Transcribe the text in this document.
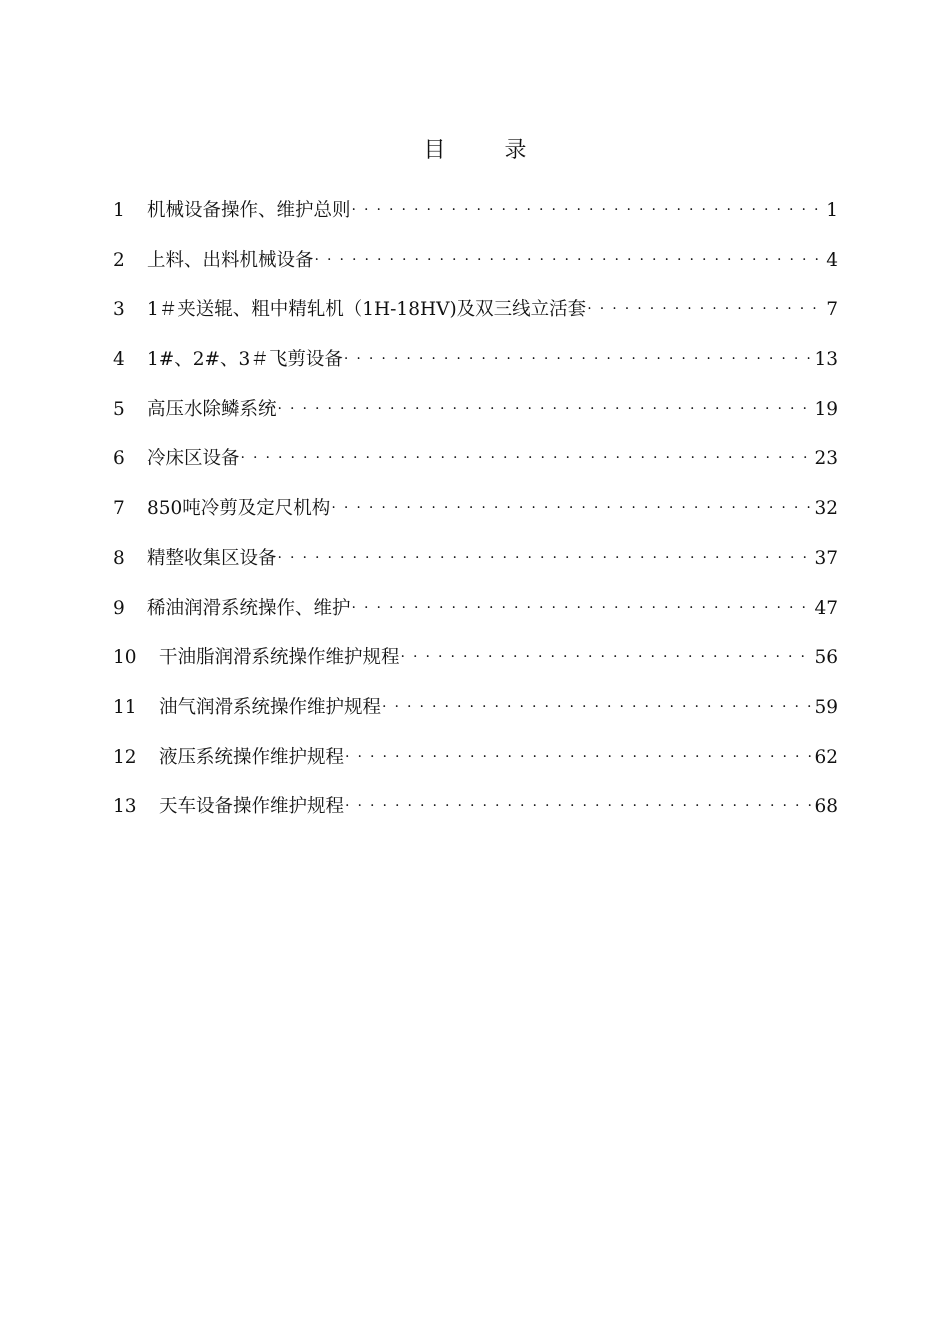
目 录
1	机械设备操作、维护总则 . . .	1
2	上料、出料机械设备 . . .	4
3	1＃夹送辊、粗中精轧机（1H-18HV)及双三线立活套 . . .	7
4	1#、2#、3＃飞剪设备 . . .	13
5	高压水除鳞系统 . . .	19
6	冷床区设备 . . .	23
7	850吨冷剪及定尺机构 . . .	32
8	精整收集区设备 . . .	37
9	稀油润滑系统操作、维护 . . .	47
10	干油脂润滑系统操作维护规程 . . .	56
11	油气润滑系统操作维护规程 . . .	59
12	液压系统操作维护规程 . . .	62
13	天车设备操作维护规程 . . .	68
